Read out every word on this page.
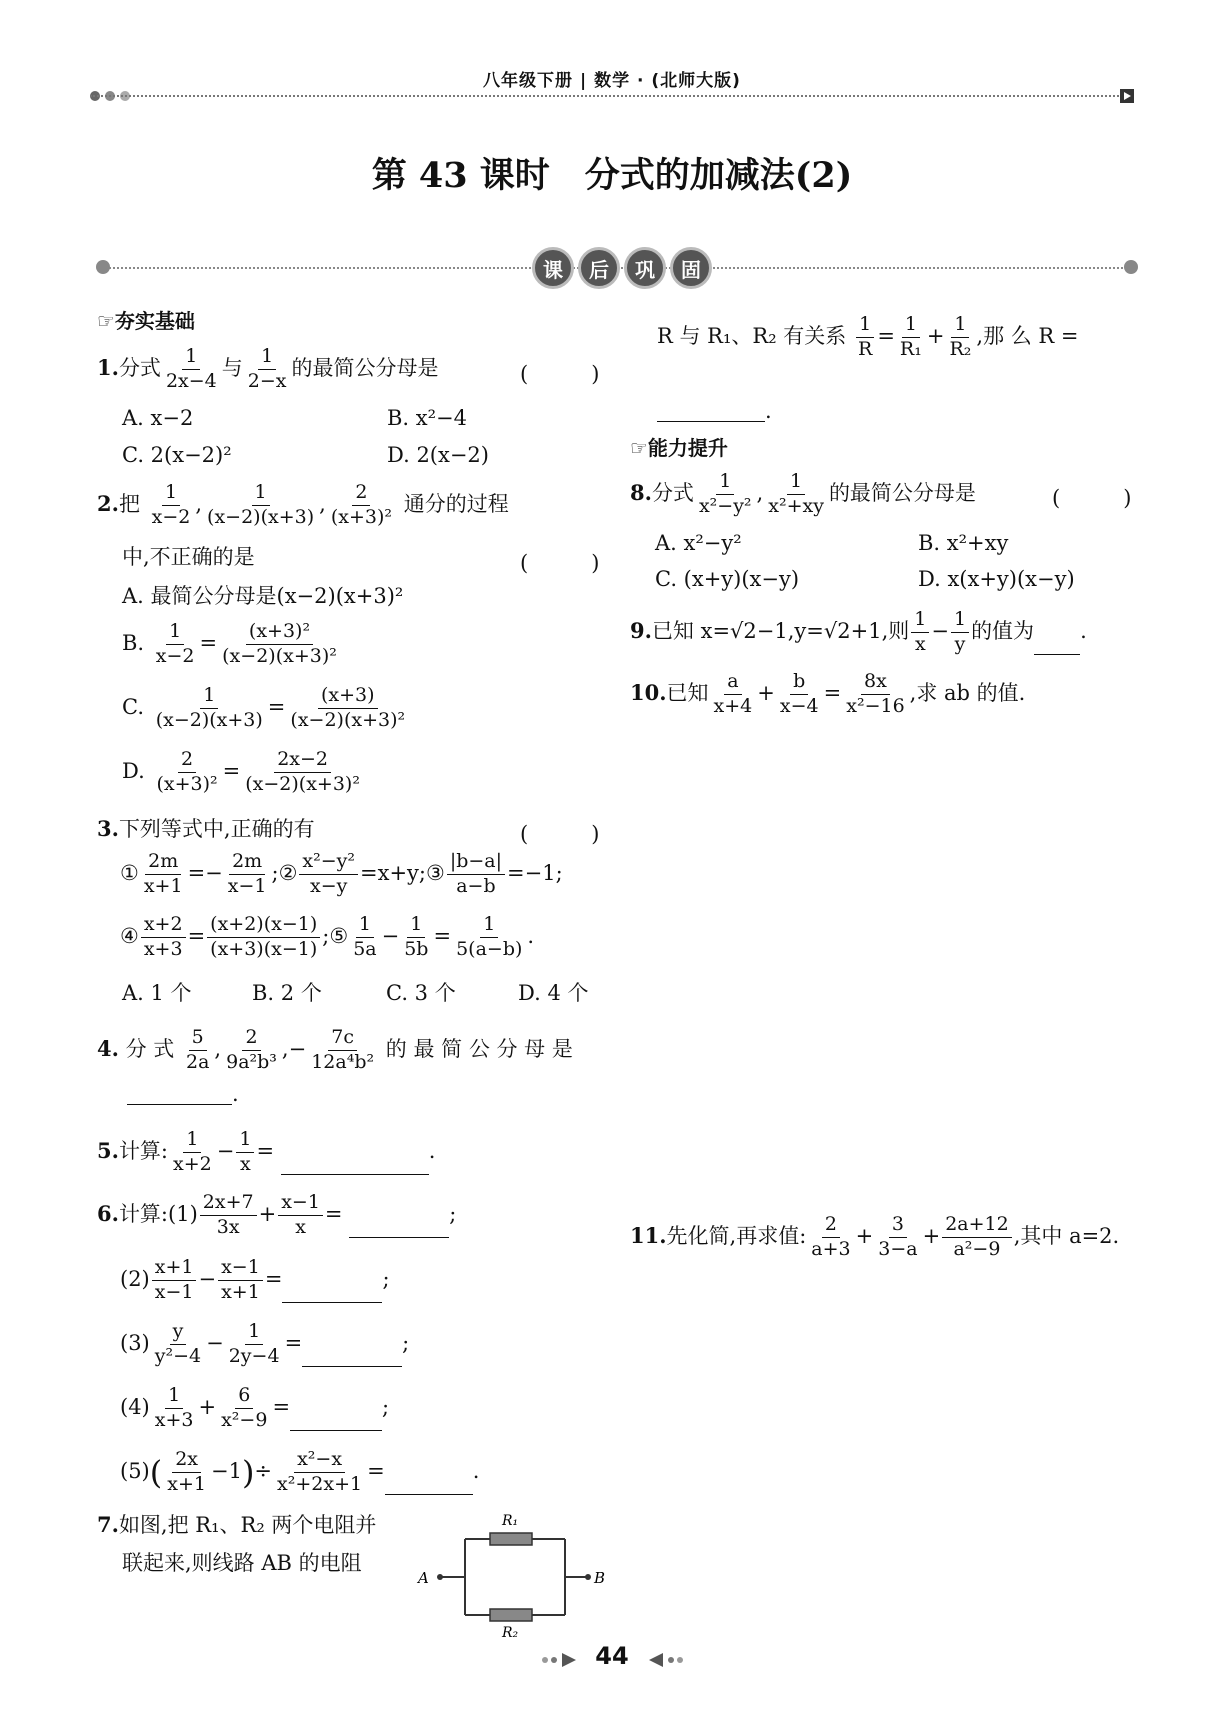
八年级下册 | 数学 · (北师大版)
第 43 课时　分式的加减法(2)
课	后	巩	固
☞夯实基础
1.分式 $\frac{1}{2x-4}$ 与 $\frac{1}{2-x}$ 的最简公分母是	(　　　)
A. x−2	B. x²−4
C. 2(x−2)²	D. 2(x−2)
2.把 $\frac{1}{x-2}$ , $\frac{1}{(x-2)(x+3)}$ , $\frac{2}{\text{(x+3)²}}$ 通分的过程
中,不正确的是	(　　　)
A. 最简公分母是(x−2)(x+3)²
B. $\frac{1}{x-2} = \frac{\text{(x+3)²}}{\text{(x−2)(x+3)²}}$
C. $\frac{1}{(x-2)(x+3)} = \frac{(x+3)}{\text{(x−2)(x+3)²}}$
D. $\frac{2}{\text{(x+3)²}} = \frac{2x-2}{\text{(x−2)(x+3)²}}$
3.下列等式中,正确的有	(　　　)
① $\frac{2m}{x+1} =- \frac{2m}{x-1}$ ;② $\frac{\text{x²−y²}}{x-y}$ =x+y;③ $\frac{|b-a|}{a-b} =-1$;
④ $\frac{x+2}{x+3} = \frac{(x+2)(x-1)}{(x+3)(x-1)}$ ;⑤ $\frac{1}{5a} - \frac{1}{5b} = \frac{1}{5(a-b)}$ .
A. 1 个	B. 2 个	C. 3 个	D. 4 个
4. 分 式 $\frac{5}{2a}$ , $\frac{2}{\text{9a²b³}}$ ,− $\frac{7c}{\text{12a⁴b²}}$ 的 最 简 公 分 母 是
.
5.计算: $\frac{1}{x+2} - \frac{1}{x}$ =	.
6.计算:(1) $\frac{2x+7}{3x} + \frac{x-1}{x}$ =	;
$(2) \frac{x+1}{x-1} - \frac{x-1}{x+1}$ =	;
$(3) \frac{y}{\text{y²−4}} - \frac{1}{2y-4}$ =	;
$(4) \frac{1}{x+3} + \frac{6}{\text{x²−9}}$ =	;
$(5)( \frac{2x}{x+1} -1)\div \frac{\text{x²−x}}{\text{x²+2x+1}}$ =	.
7.如图,把 R₁、R₂ 两个电阻并
联起来,则线路 AB 的电阻
A	B
R₁
R₂
R 与 R₁、R₂ 有关系 $\frac{1}{R} = \frac{1}{\text{R₁}} + \frac{1}{\text{R₂}}$ ,那 么 R =
.
☞能力提升
8.分式 $\frac{1}{\text{x²−y²}}$ , $\frac{1}{\text{x²+xy}}$ 的最简公分母是	(　　　)
A. x²−y²	B. x²+xy
C. (x+y)(x−y)	D. x(x+y)(x−y)
9.已知 x=√2−1,y=√2+1,则 $\frac{1}{x} - \frac{1}{y}$ 的值为 .
10.已知 $\frac{a}{x+4} + \frac{b}{x-4} = \frac{8x}{\text{x²−16}}$ ,求 ab 的值.
11.先化简,再求值: $\frac{2}{a+3} + \frac{3}{3-a} + \frac{2a+12}{\text{a²−9}}$ ,其中 a=2.
44
